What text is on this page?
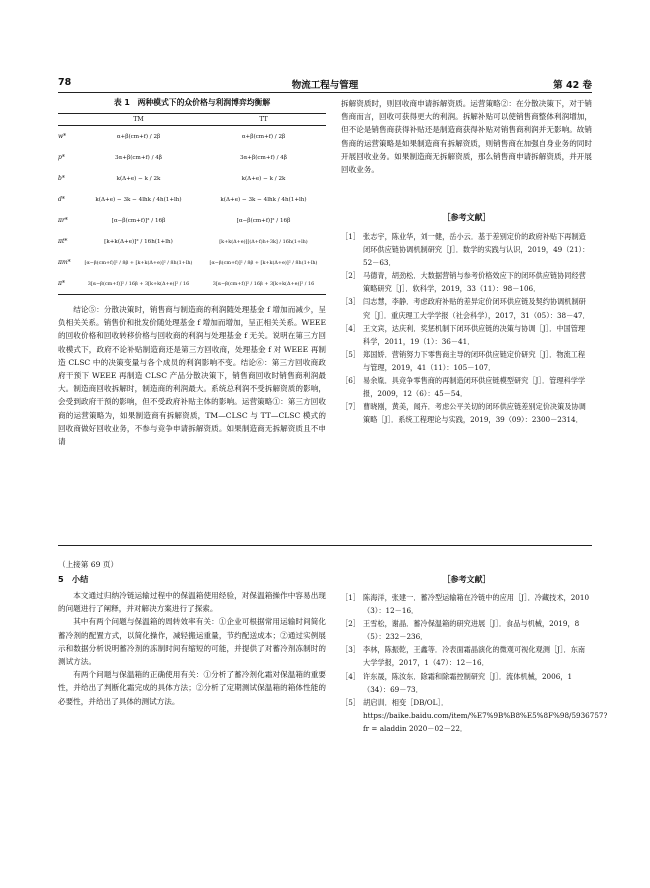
78	物流工程与管理	第 42 卷
表 1　两种模式下的众价格与利润博弈均衡解
	TM	TT
w*	α+β(cm+f) / 2β	α+β(cm+f) / 2β
p*	3α+β(cm+f) / 4β	3α+β(cm+f) / 4β
b*	k(Δ+e) − k / 2k	k(Δ+e) − k / 2k
d*	k(Δ+e) − 3k − 4lhk / 4h(1+lh)	k(Δ+e) − 3k − 4lhk / 4h(1+lh)
πr*	[α−β(cm+f)]² / 16β	[α−β(cm+f)]² / 16β
πt*	[k+k(Δ+e)]² / 16h(1+lh)	[k+k(Δ+e)][(Δ+f)h+3k] / 16h(1+lh)
πm*	[α−β(cm+f)]² / 8β + [k+k(Δ+e)]² / 8h(1+lh)	[α−β(cm+f)]² / 8β + [k+k(Δ+e)]² / 8h(1+lh)
π*	3[α−β(cm+f)]² / 16β + 3[k+k(Δ+e)]² / 16	3[α−β(cm+f)]² / 16β + 3[k+k(Δ+e)]² / 16

结论⑤：分散决策时，销售商与制造商的利润随处理基金 f 增加而减少，呈负相关关系。销售价和批发价随处理基金 f 增加而增加，呈正相关关系。WEEE 的回收价格和回收转移价格与回收商的利润与处理基金 f 无关。说明在第三方回收模式下，政府不论补贴制造商还是第三方回收商，处理基金 f 对 WEEE 再制造 CLSC 中的决策变量与各个成员的利润影响不变。结论⑥：第三方回收商政府干预下 WEEE 再制造 CLSC 产品分散决策下，销售商回收时销售商利润最大。制造商回收拆解时，制造商的利润最大。系统总利润不受拆解资质的影响，会受到政府干预的影响，但不受政府补贴主体的影响。运营策略①：第三方回收商的运营策略为，如果制造商有拆解资质，TM—CLSC 与 TT—CLSC 模式的回收商做好回收业务，不参与竞争申请拆解资质。如果制造商无拆解资质且不申请

拆解资质时，则回收商申请拆解资质。运营策略②：在分散决策下，对于销售商而言，回收可获得更大的利润。拆解补贴可以使销售商整体利润增加，但不论是销售商获得补贴还是制造商获得补贴对销售商利润并无影响。故销售商的运营策略是如果制造商有拆解资质，则销售商在加强自身业务的同时开展回收业务。如果制造商无拆解资质，那么销售商申请拆解资质，并开展回收业务。

［参考文献］
［1］ 张志宇，陈业华，刘一健，岳小云．基于差别定价的政府补贴下再制造闭环供应链协调机制研究［J］．数学的实践与认识，2019，49（21）：52－63．
［2］ 马德青，胡劲松．大数据营销与参考价格效应下的闭环供应链协同经营策略研究［J］．软科学，2019，33（11）：98－106．
［3］ 闫志慧，李静．考虑政府补贴的差异定价闭环供应链及契约协调机制研究［J］．重庆理工大学学报（社会科学），2017，31（05）：38－47．
［4］ 王文宾，达庆利．奖惩机制下闭环供应链的决策与协调［J］．中国管理科学，2011，19（1）：36－41．
［5］ 郑国娇．营销努力下零售商主导的闭环供应链定价研究［J］．物流工程与管理，2019，41（11）：105－107．
［6］ 易余胤．具竞争零售商的再制造闭环供应链模型研究［J］．管理科学学报，2009，12（6）：45－54．
［7］ 曹晓刚，黄美，闻卉．考虑公平关切的闭环供应链差别定价决策及协调策略［J］．系统工程理论与实践，2019，39（09）：2300－2314．
（上接第 69 页）
5　小结

本文通过归纳冷链运输过程中的保温箱使用经验，对保温箱操作中容易出现的问题进行了阐释，并对解决方案进行了探索。

其中有两个问题与保温箱的周转效率有关：①企业可根据常用运输时间简化蓄冷剂的配置方式，以简化操作，减轻搬运重量，节约配送成本；②通过实例展示和数据分析说明蓄冷剂的冻制时间有缩短的可能，并提供了对蓄冷剂冻制时的测试方法。

有两个问题与保温箱的正确使用有关：①分析了蓄冷剂化霜对保温箱的重要性，并给出了判断化霜完成的具体方法；②分析了定期测试保温箱的箱体性能的必要性，并给出了具体的测试方法。

［参考文献］
［1］ 陈海洋，张建一．蓄冷型运输箱在冷链中的应用［J］．冷藏技术，2010（3）：12－16．
［2］ 王雪松，谢晶．蓄冷保温箱的研究进展［J］．食品与机械，2019，8（5）：232－236．
［3］ 李林，陈振乾，王鑫等．冷表面霜晶演化的微观可视化观测［J］．东南大学学报，2017，1（47）：12－16．
［4］ 许东晟，陈汝东．除霜和除霜控制研究［J］．流体机械，2006，1（34）：69－73．
［5］ 胡启训．相变［DB/OL］．https://baike.baidu.com/item/%E7%9B%B8%E5%8F%98/5936757? fr = aladdin 2020－02－22．
